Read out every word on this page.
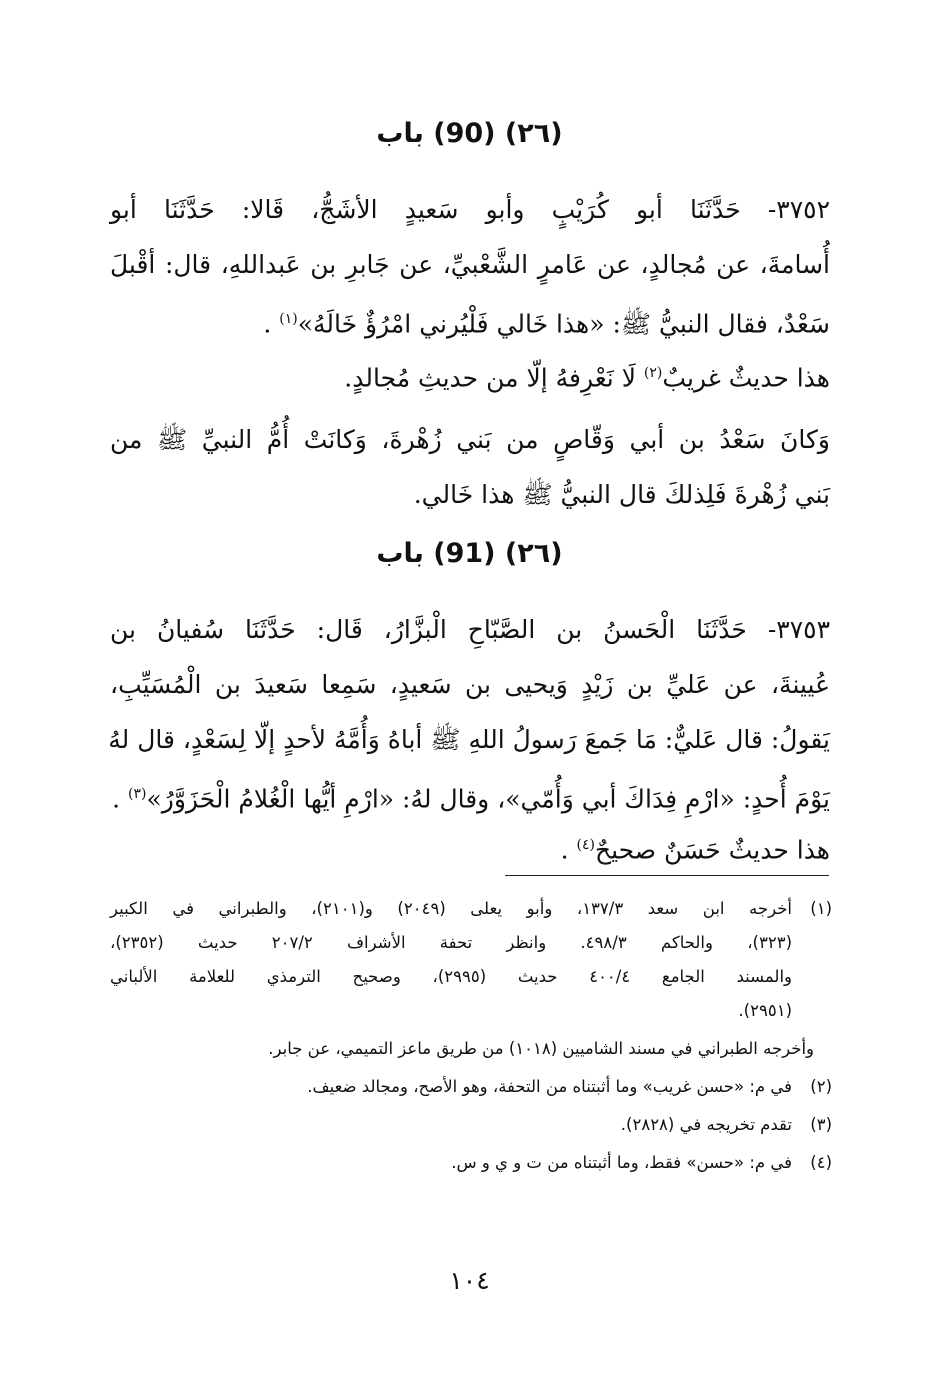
(٢٦) (90) باب
٣٧٥٢- حَدَّثَنَا أبو كُرَيْبٍ وأبو سَعيدٍ الأشَجُّ، قَالا: حَدَّثَنَا أبو
أُسامةَ، عن مُجالدٍ، عن عَامرٍ الشَّعْبيِّ، عن جَابرِ بن عَبداللهِ، قال: أقْبلَ
سَعْدٌ، فقال النبيُّ ﷺ: «هذا خَالي فَلْيُرني امْرُؤٌ خَالَهُ»$^{(١)}$ .
هذا حديثٌ غريبٌ$^{(٢)}$ لَا نَعْرِفهُ إلّا من حديثِ مُجالدٍ.
وَكانَ سَعْدُ بن أبي وَقّاصٍ من بَني زُهْرةَ، وَكانَتْ أُمُّ النبيِّ ﷺ من
بَني زُهْرةَ فَلِذلكَ قال النبيُّ ﷺ هذا خَالي.
(٢٦) (91) باب
٣٧٥٣- حَدَّثَنَا الْحَسنُ بن الصَّبّاحِ الْبزَّارُ، قَال: حَدَّثَنَا سُفيانُ بن
عُيينةَ، عن عَليِّ بن زَيْدٍ وَيحيى بن سَعيدٍ، سَمِعا سَعيدَ بن الْمُسَيِّبِ،
يَقولُ: قال عَليٌّ: مَا جَمعَ رَسولُ اللهِ ﷺ أباهُ وَأُمَّهُ لأحدٍ إلّا لِسَعْدٍ، قال لهُ
يَوْمَ أُحدٍ: «ارْمِ فِدَاكَ أبي وَأُمّي»، وقال لهُ: «ارْمِ أيُّها الْغُلامُ الْحَزَوَّرُ»$^{(٣)}$ .
هذا حديثٌ حَسَنٌ صحيحٌ$^{(٤)}$ .
(١)
أخرجه ابن سعد ١٣٧/٣، وأبو يعلى (٢٠٤٩) و(٢١٠١)، والطبراني في الكبير
(٣٢٣)، والحاكم ٤٩٨/٣. وانظر تحفة الأشراف ٢٠٧/٢ حديث (٢٣٥٢)،
والمسند الجامع ٤٠٠/٤ حديث (٢٩٩٥)، وصحيح الترمذي للعلامة الألباني
(٢٩٥١).
وأخرجه الطبراني في مسند الشاميين (١٠١٨) من طريق ماعز التميمي، عن جابر.
(٢)
في م: «حسن غريب» وما أثبتناه من التحفة، وهو الأصح، ومجالد ضعيف.
(٣)
تقدم تخريجه في (٢٨٢٨).
(٤)
في م: «حسن» فقط، وما أثبتناه من ت و ي و س.
١٠٤
